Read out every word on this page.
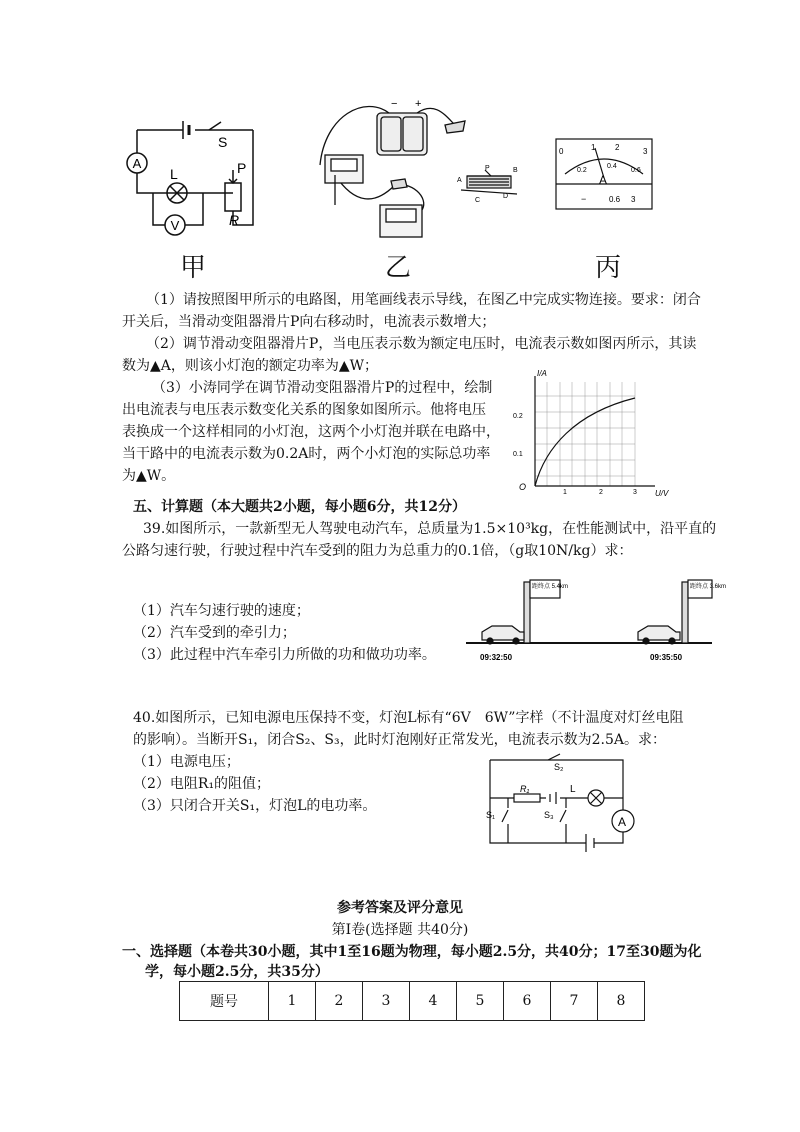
A
S
L
V
P
R
甲
− +
乙
P	B
A
C
D
0	1 2	3
0.2
0.4
0.6
A
−	0.6 3
丙
（1）请按照图甲所示的电路图，用笔画线表示导线，在图乙中完成实物连接。要求：闭合
开关后，当滑动变阻器滑片P向右移动时，电流表示数增大；
（2）调节滑动变阻器滑片P，当电压表示数为额定电压时，电流表示数如图丙所示，其读
数为▲A，则该小灯泡的额定功率为▲W；
（3）小涛同学在调节滑动变阻器滑片P的过程中，绘制
出电流表与电压表示数变化关系的图象如图所示。他将电压
表换成一个这样相同的小灯泡，这两个小灯泡并联在电路中，
当干路中的电流表示数为0.2A时，两个小灯泡的实际总功率
为▲W。
I/A
U/V
O
0.1
0.2
1	2	3
五、计算题（本大题共2小题，每小题6分，共12分）
39.如图所示，一款新型无人驾驶电动汽车，总质量为1.5×10³kg，在性能测试中，沿平直的
公路匀速行驶，行驶过程中汽车受到的阻力为总重力的0.1倍，（g取10N/kg）求：
（1）汽车匀速行驶的速度；
（2）汽车受到的牵引力；
（3）此过程中汽车牵引力所做的功和做功功率。
距终点 5.4km	距终点 3.6km
09:32:50	09:35:50
40.如图所示，已知电源电压保持不变，灯泡L标有“6V　6W”字样（不计温度对灯丝电阻
的影响）。当断开S₁，闭合S₂、S₃，此时灯泡刚好正常发光，电流表示数为2.5A。求：
（1）电源电压；
（2）电阻R₁的阻值；
（3）只闭合开关S₁，灯泡L的电功率。
S₂
S₁	S₃
R₁	L
A
参考答案及评分意见
第Ⅰ卷(选择题 共40分)
一、选择题（本卷共30小题，其中1至16题为物理，每小题2.5分，共40分；17至30题为化
学，每小题2.5分，共35分）
题号	1	2	3	4	5	6	7	8
